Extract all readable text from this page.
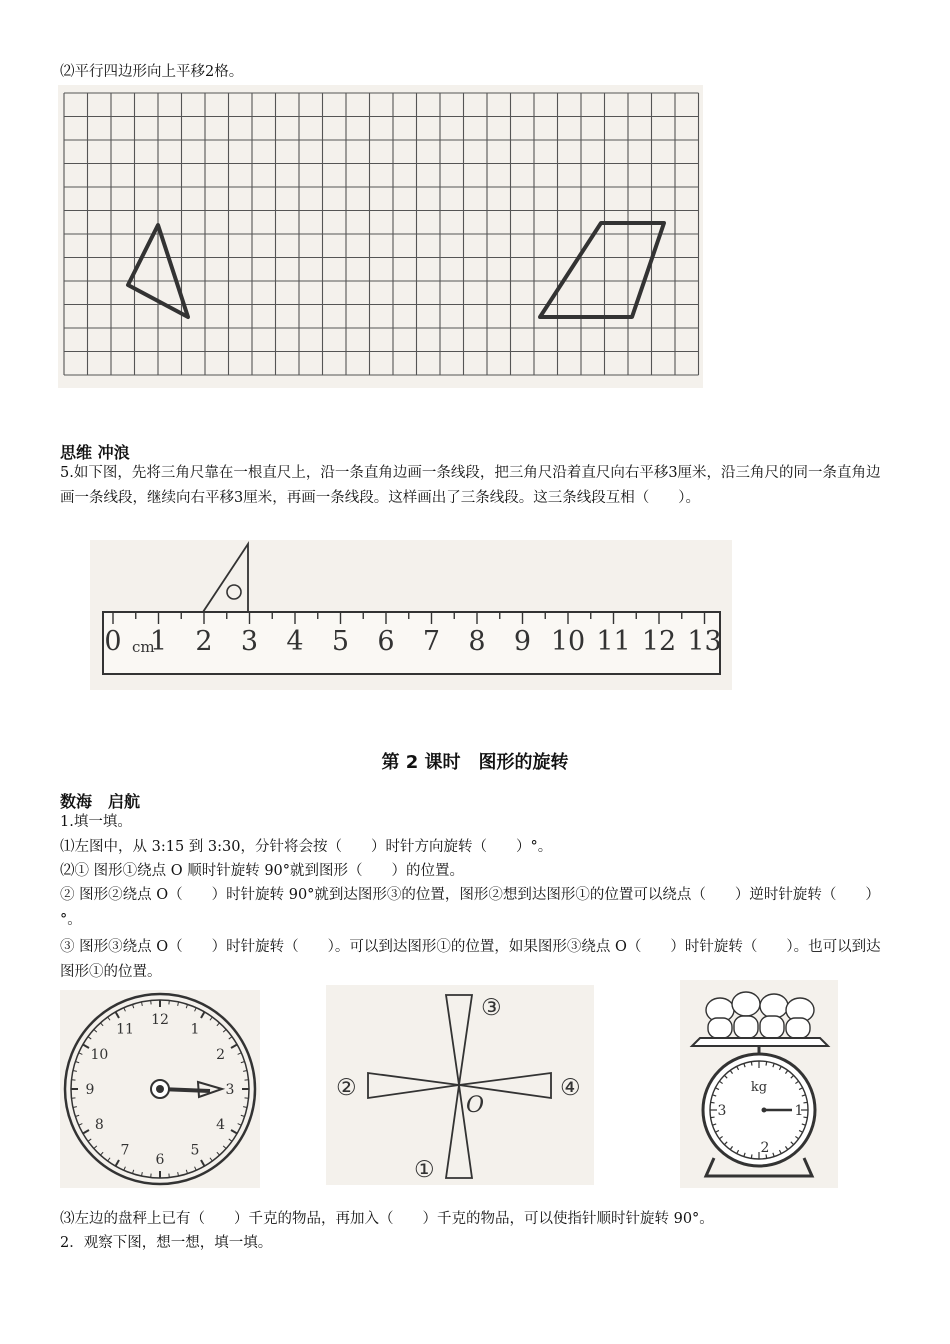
⑵平行四边形向上平移2格。
思维 冲浪
5.如下图，先将三角尺靠在一根直尺上，沿一条直角边画一条线段，把三角尺沿着直尺向右平移3厘米，沿三角尺的同一条直角边画一条线段，继续向右平移3厘米，再画一条线段。这样画出了三条线段。这三条线段互相（　　）。
0 1 2 3 4 5 6 7 8 9 10 11 12 13
cm
第 2 课时　图形的旋转
数海　启航
1.填一填。
⑴左图中，从 3:15 到 3:30，分针将会按（　　）时针方向旋转（　　）°。
⑵① 图形①绕点 O 顺时针旋转 90°就到图形（　　）的位置。
② 图形②绕点 O（　　）时针旋转 90°就到达图形③的位置，图形②想到达图形①的位置可以绕点（　　）逆时针旋转（　　）°。
③ 图形③绕点 O（　　）时针旋转（　　）。可以到达图形①的位置，如果图形③绕点 O（　　）时针旋转（　　）。也可以到达图形①的位置。
12
1
2
3
4
5
6
7
8
9
10
11
③
①
②	④
O
kg
1
2
3
⑶左边的盘秤上已有（　　）千克的物品，再加入（　　）千克的物品，可以使指针顺时针旋转 90°。
2．观察下图，想一想，填一填。
